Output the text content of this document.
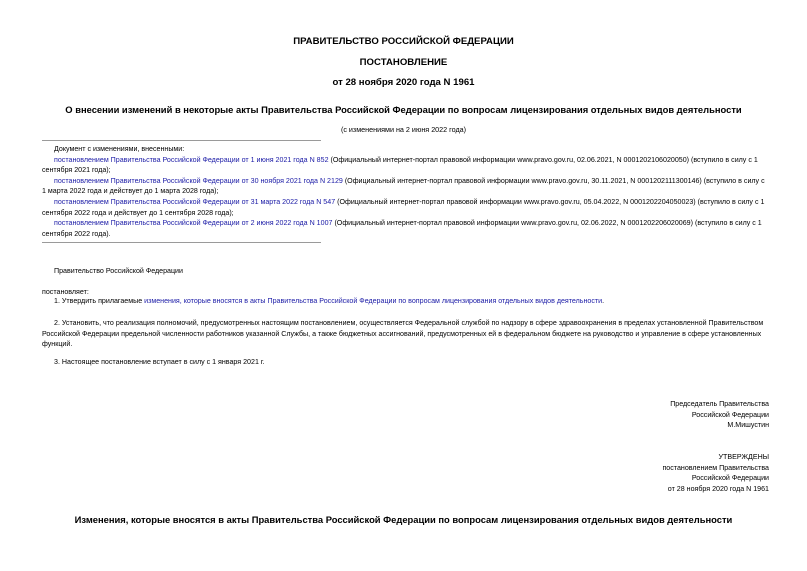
ПРАВИТЕЛЬСТВО РОССИЙСКОЙ ФЕДЕРАЦИИ
ПОСТАНОВЛЕНИЕ
от 28 ноября 2020 года N 1961
О внесении изменений в некоторые акты Правительства Российской Федерации по вопросам лицензирования отдельных видов деятельности
(с изменениями на 2 июня 2022 года)
Документ с изменениями, внесенными:
постановлением Правительства Российской Федерации от 1 июня 2021 года N 852 (Официальный интернет-портал правовой информации www.pravo.gov.ru, 02.06.2021, N 0001202106020050) (вступило в силу с 1 сентября 2021 года);
постановлением Правительства Российской Федерации от 30 ноября 2021 года N 2129 (Официальный интернет-портал правовой информации www.pravo.gov.ru, 30.11.2021, N 0001202111300146) (вступило в силу с 1 марта 2022 года и действует до 1 марта 2028 года);
постановлением Правительства Российской Федерации от 31 марта 2022 года N 547 (Официальный интернет-портал правовой информации www.pravo.gov.ru, 05.04.2022, N 0001202204050023) (вступило в силу с 1 сентября 2022 года и действует до 1 сентября 2028 года);
постановлением Правительства Российской Федерации от 2 июня 2022 года N 1007 (Официальный интернет-портал правовой информации www.pravo.gov.ru, 02.06.2022, N 0001202206020069) (вступило в силу с 1 сентября 2022 года).
Правительство Российской Федерации
постановляет:
1. Утвердить прилагаемые изменения, которые вносятся в акты Правительства Российской Федерации по вопросам лицензирования отдельных видов деятельности.
2. Установить, что реализация полномочий, предусмотренных настоящим постановлением, осуществляется Федеральной службой по надзору в сфере здравоохранения в пределах установленной Правительством Российской Федерации предельной численности работников указанной Службы, а также бюджетных ассигнований, предусмотренных ей в федеральном бюджете на руководство и управление в сфере установленных функций.
3. Настоящее постановление вступает в силу с 1 января 2021 г.
Председатель Правительства
Российской Федерации
М.Мишустин
УТВЕРЖДЕНЫ
постановлением Правительства
Российской Федерации
от 28 ноября 2020 года N 1961
Изменения, которые вносятся в акты Правительства Российской Федерации по вопросам лицензирования отдельных видов деятельности
